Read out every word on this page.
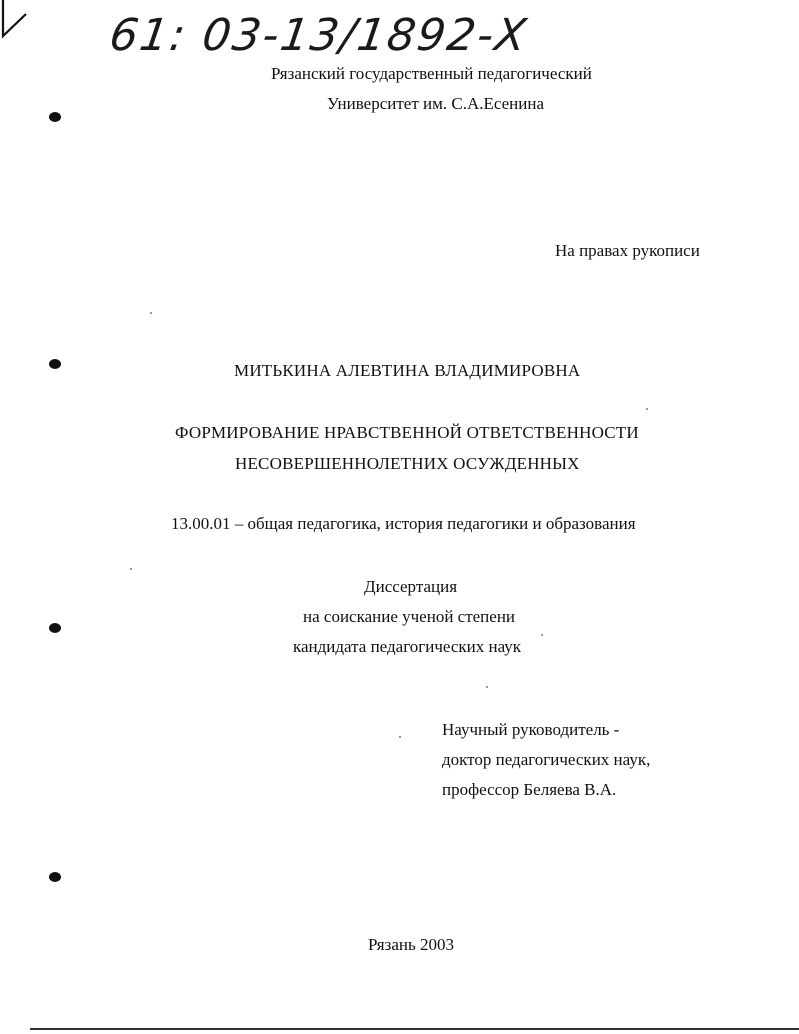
61: 03-13/1892-Х
Рязанский государственный педагогический
Университет им. С.А.Есенина
На правах рукописи
МИТЬКИНА АЛЕВТИНА ВЛАДИМИРОВНА
ФОРМИРОВАНИЕ НРАВСТВЕННОЙ ОТВЕТСТВЕННОСТИ
НЕСОВЕРШЕННОЛЕТНИХ ОСУЖДЕННЫХ
13.00.01 – общая педагогика, история педагогики и образования
Диссертация
на соискание ученой степени
кандидата педагогических наук
Научный руководитель -
доктор педагогических наук,
профессор Беляева В.А.
Рязань 2003
